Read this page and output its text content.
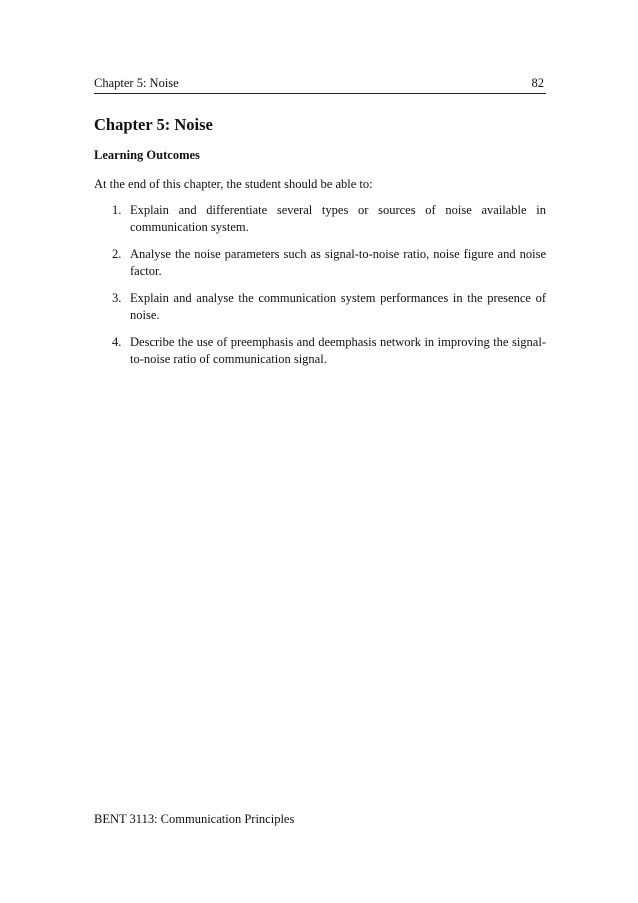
Chapter 5: Noise	82
Chapter 5: Noise
Learning Outcomes

At the end of this chapter, the student should be able to:

1. Explain and differentiate several types or sources of noise available in communication system.
2. Analyse the noise parameters such as signal-to-noise ratio, noise figure and noise factor.
3. Explain and analyse the communication system performances in the presence of noise.
4. Describe the use of preemphasis and deemphasis network in improving the signal-to-noise ratio of communication signal.
BENT 3113: Communication Principles
